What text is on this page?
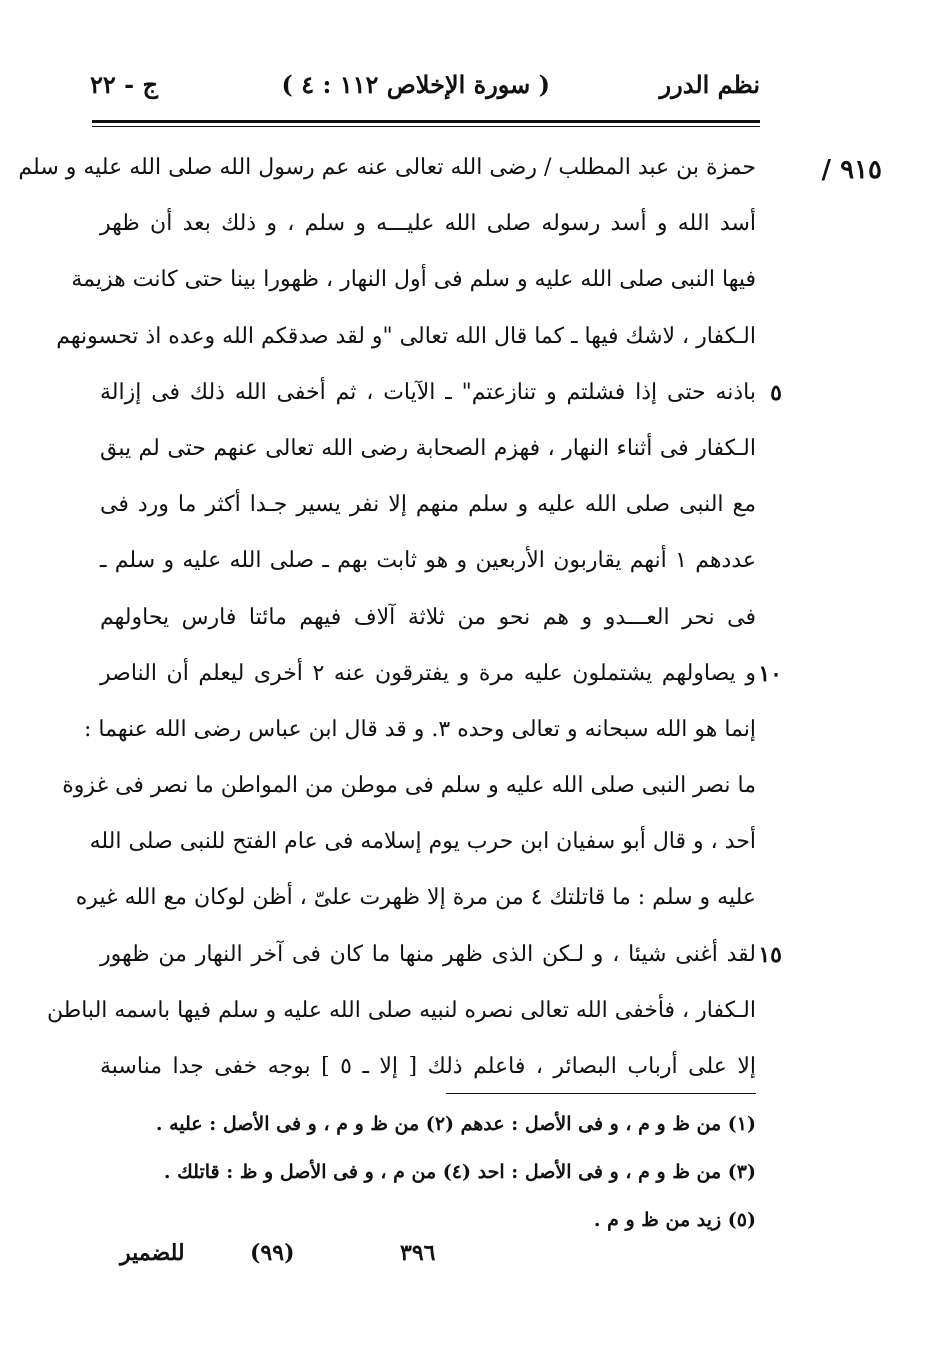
نظم الدرر
( سورة الإخلاص ١١٢ : ٤ )
ج - ٢٢
٩١٥ /
٥
١٠
١٥
حمزة بن عبد المطلب / رضى الله تعالى عنه عم رسول الله صلى الله عليه و سلم
أسد الله و أسد رسوله صلى الله عليـــه و سلم ، و ذلك بعد أن ظهر
فيها النبى صلى الله عليه و سلم فى أول النهار ، ظهورا بينا حتى كانت هزيمة
الـكفار ، لاشك فيها ـ كما قال الله تعالى "و لقد صدقكم الله وعده اذ تحسونهم
باذنه حتى إذا فشلتم و تنازعتم" ـ الآيات ، ثم أخفى الله ذلك فى إزالة
الـكفار فى أثناء النهار ، فهزم الصحابة رضى الله تعالى عنهم حتى لم يبق
مع النبى صلى الله عليه و سلم منهم إلا نفر يسير جـدا أكثر ما ورد فى
عددهم ١ أنهم يقاربون الأربعين و هو ثابت بهم ـ صلى الله عليه و سلم ـ
فى نحر العـــدو و هم نحو من ثلاثة آلاف فيهم مائتا فارس يحاولهم
و يصاولهم يشتملون عليه مرة و يفترقون عنه ٢ أخرى ليعلم أن الناصر
إنما هو الله سبحانه و تعالى وحده ٣. و قد قال ابن عباس رضى الله عنهما :
ما نصر النبى صلى الله عليه و سلم فى موطن من المواطن ما نصر فى غزوة
أحد ، و قال أبو سفيان ابن حرب يوم إسلامه فى عام الفتح للنبى صلى الله
عليه و سلم : ما قاتلتك ٤ من مرة إلا ظهرت علىّ ، أظن لوكان مع الله غيره
لقد أغنى شيئا ، و لـكن الذى ظهر منها ما كان فى آخر النهار من ظهور
الـكفار ، فأخفى الله تعالى نصره لنبيه صلى الله عليه و سلم فيها باسمه الباطن
إلا على أرباب البصائر ، فاعلم ذلك [ إلا ـ ٥ ] بوجه خفى جدا مناسبة
(١) من ظ و م ، و فى الأصل : عدهم (٢) من ظ و م ، و فى الأصل : عليه .
(٣) من ظ و م ، و فى الأصل : احد (٤) من م ، و فى الأصل و ظ : قاتلك .
(٥) زيد من ظ و م .
٣٩٦
(٩٩)
للضمير
